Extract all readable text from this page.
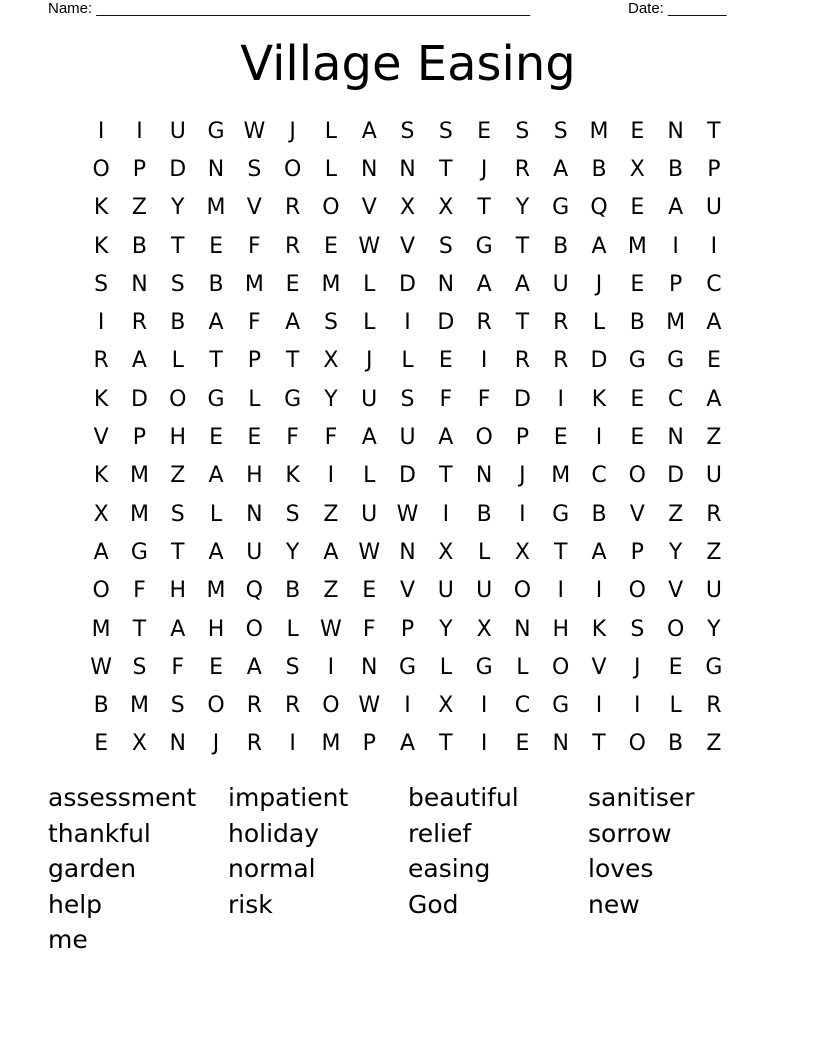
Name: ____________________________________________________	Date: _______
Village Easing
I	I	U G W	J	L	A	S	S	E	S	S M E	N	T
O	P	D N	S	O	L	N N	T	J	R	A	B	X	B	P
K	Z	Y	M V	R O	V	X	X	T	Y	G Q	E	A	U
K	B	T	E	F	R	E W V	S	G	T	B	A M	I	I
S	N	S	B M E M	L	D N	A	A	U	J	E	P	C
I	R	B	A	F	A	S	L	I	D	R	T	R	L	B M A
R	A	L	T	P	T	X	J	L	E	I	R	R	D G G	E
K	D O G	L	G	Y	U	S	F	F	D	I	K	E	C	A
V	P	H	E	E	F	F	A	U	A	O	P	E	I	E	N	Z
K M Z	A	H	K	I	L	D	T	N	J	M C O D U
X M S	L	N	S	Z	U W	I	B	I	G	B	V	Z	R
A	G	T	A	U	Y	A W N	X	L	X	T	A	P	Y	Z
O	F	H M Q	B	Z	E	V	U	U O	I	I	O	V	U
M	T	A	H O	L W F	P	Y	X	N H	K	S	O	Y
W S	F	E	A	S	I	N G	L	G	L	O	V	J	E	G
B M S	O R	R O W	I	X	I	C	G	I	I	L	R
E	X	N	J	R	I	M	P	A	T	I	E	N	T	O	B	Z
assessment	impatient	beautiful	sanitiser
thankful	holiday	relief	sorrow
garden	normal	easing	loves
help	risk	God	new
me
